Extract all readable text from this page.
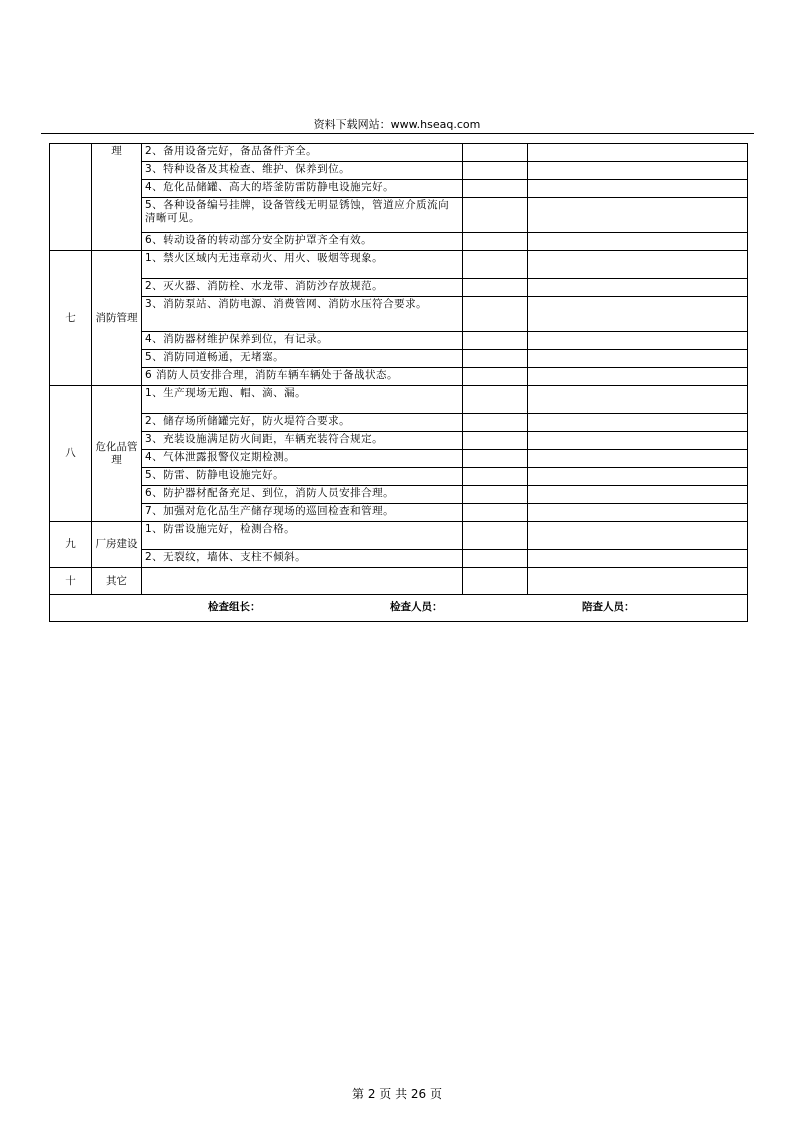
资料下载网站：www.hseaq.com
	理	2、备用设备完好，备品备件齐全。		
		3、特种设备及其检查、维护、保养到位。		
		4、危化品储罐、高大的塔釜防雷防静电设施完好。		
		5、各种设备编号挂牌，设备管线无明显锈蚀，管道应介质流向清晰可见。		
		6、转动设备的转动部分安全防护罩齐全有效。		

七	消防管理	1、禁火区域内无违章动火、用火、吸烟等现象。		
		2、灭火器、消防栓、水龙带、消防沙存放规范。		
		3、消防泵站、消防电源、消费管网、消防水压符合要求。		
		4、消防器材维护保养到位，有记录。		
		5、消防同道畅通，无堵塞。		
		6 消防人员安排合理，消防车辆车辆处于备战状态。		
八	危化品管理	1、生产现场无跑、帽、滴、漏。		
		2、储存场所储罐完好，防火堤符合要求。		
		3、充装设施满足防火间距，车辆充装符合规定。		
		4、气体泄露报警仪定期检测。		
		5、防雷、防静电设施完好。		
		6、防护器材配备充足、到位，消防人员安排合理。		
		7、加强对危化品生产储存现场的巡回检查和管理。		
九	厂房建设	1、防雷设施完好，检测合格。		
		2、无裂纹，墙体、支柱不倾斜。		
十	其它			

检查组长： 检查人员： 陪查人员：				
第 2 页 共 26 页
